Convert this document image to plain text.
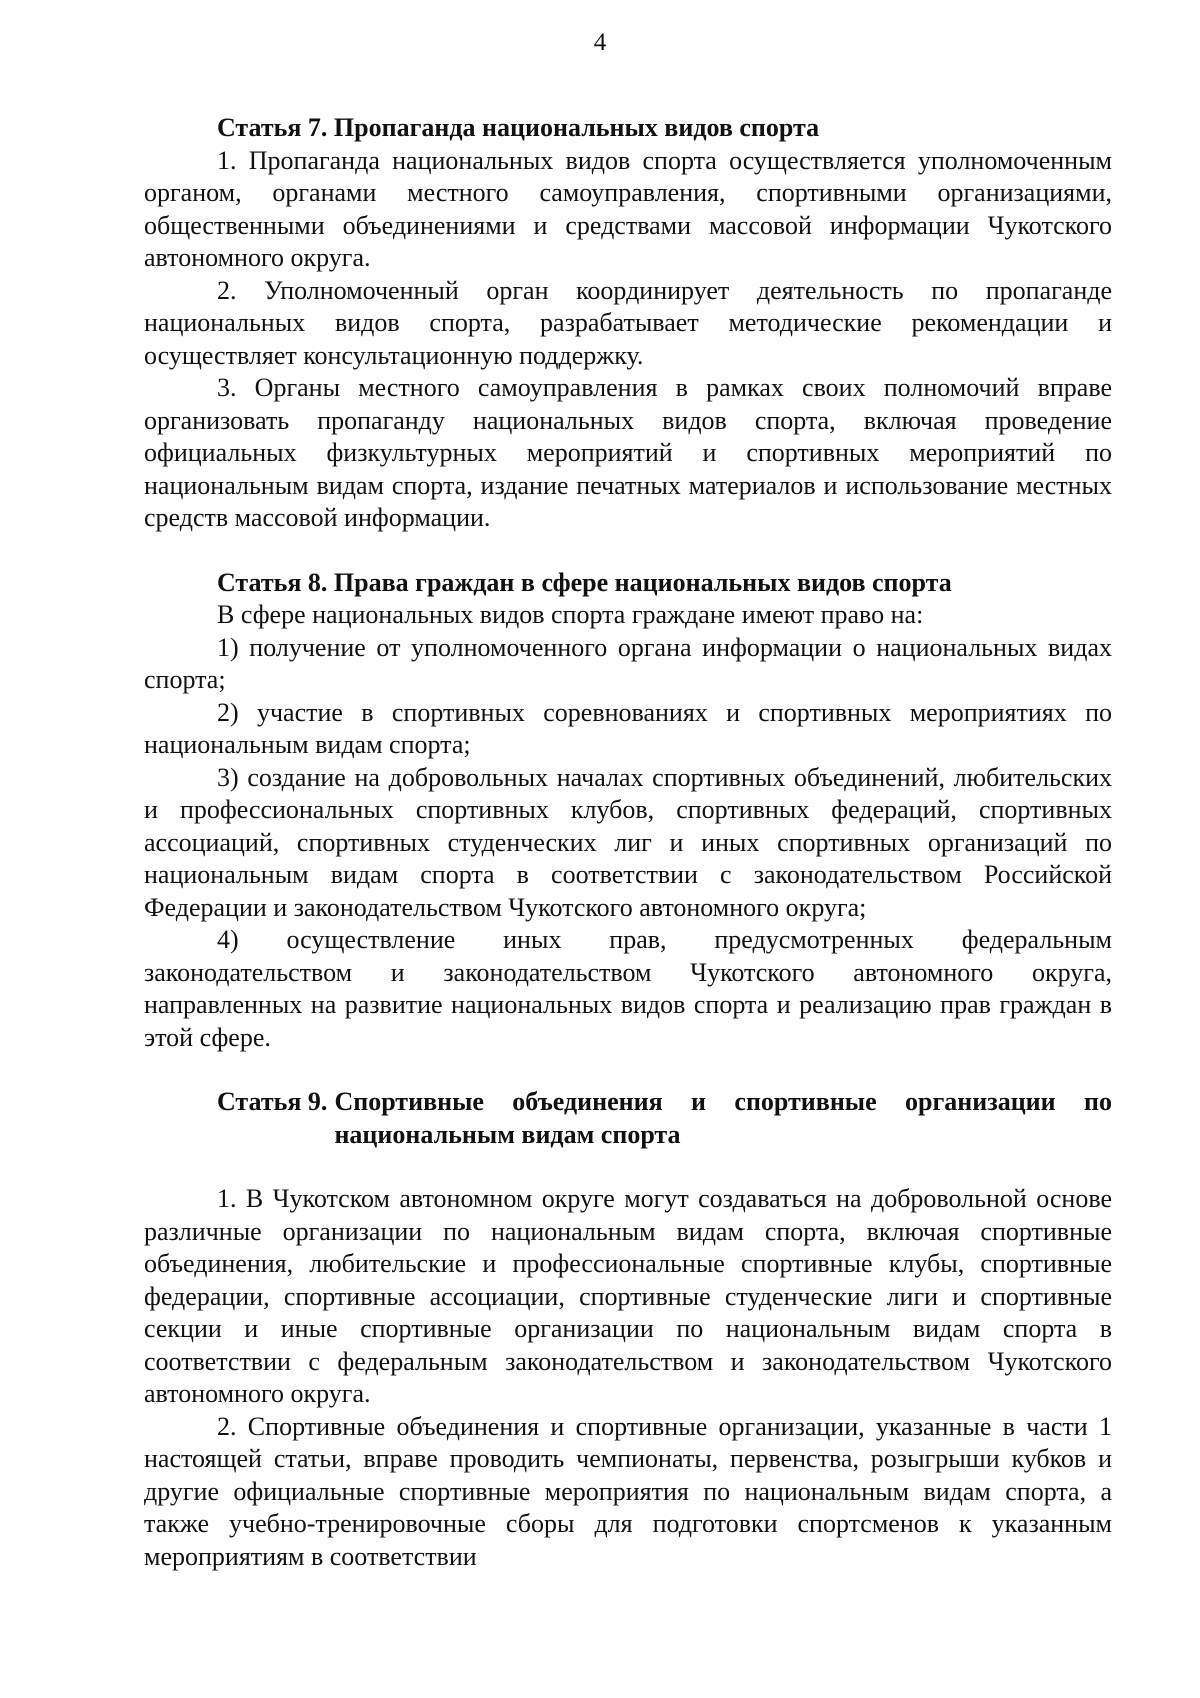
4

Статья 7. Пропаганда национальных видов спорта

1. Пропаганда национальных видов спорта осуществляется уполномоченным органом, органами местного самоуправления, спортивными организациями, общественными объединениями и средствами массовой информации Чукотского автономного округа.

2. Уполномоченный орган координирует деятельность по пропаганде национальных видов спорта, разрабатывает методические рекомендации и осуществляет консультационную поддержку.

3. Органы местного самоуправления в рамках своих полномочий вправе организовать пропаганду национальных видов спорта, включая проведение официальных физкультурных мероприятий и спортивных мероприятий по национальным видам спорта, издание печатных материалов и использование местных средств массовой информации.

Статья 8. Права граждан в сфере национальных видов спорта

В сфере национальных видов спорта граждане имеют право на:

1) получение от уполномоченного органа информации о национальных видах спорта;

2) участие в спортивных соревнованиях и спортивных мероприятиях по национальным видам спорта;

3) создание на добровольных началах спортивных объединений, любительских и профессиональных спортивных клубов, спортивных федераций, спортивных ассоциаций, спортивных студенческих лиг и иных спортивных организаций по национальным видам спорта в соответствии с законодательством Российской Федерации и законодательством Чукотского автономного округа;

4) осуществление иных прав, предусмотренных федеральным законодательством и законодательством Чукотского автономного округа, направленных на развитие национальных видов спорта и реализацию прав граждан в этой сфере.

Статья 9. Спортивные объединения и спортивные организации по национальным видам спорта

1. В Чукотском автономном округе могут создаваться на добровольной основе различные организации по национальным видам спорта, включая спортивные объединения, любительские и профессиональные спортивные клубы, спортивные федерации, спортивные ассоциации, спортивные студенческие лиги и спортивные секции и иные спортивные организации по национальным видам спорта в соответствии с федеральным законодательством и законодательством Чукотского автономного округа.

2. Спортивные объединения и спортивные организации, указанные в части 1 настоящей статьи, вправе проводить чемпионаты, первенства, розыгрыши кубков и другие официальные спортивные мероприятия по национальным видам спорта, а также учебно-тренировочные сборы для подготовки спортсменов к указанным мероприятиям в соответствии
